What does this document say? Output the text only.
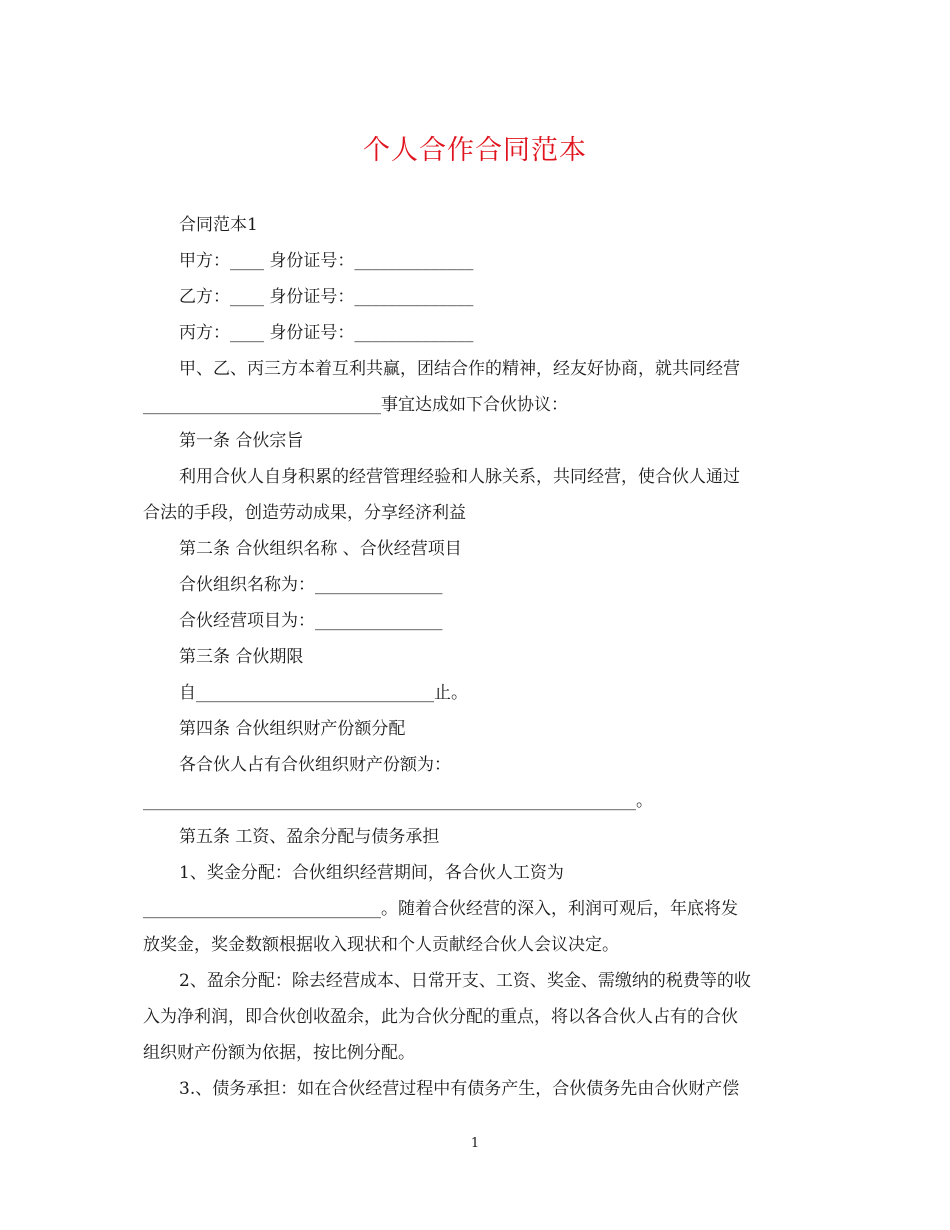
个人合作合同范本
合同范本1
甲方：____ 身份证号：______________
乙方：____ 身份证号：______________
丙方：____ 身份证号：______________
甲、乙、丙三方本着互利共赢，团结合作的精神，经友好协商，就共同经营
____________________________事宜达成如下合伙协议：
第一条 合伙宗旨
利用合伙人自身积累的经营管理经验和人脉关系，共同经营，使合伙人通过
合法的手段，创造劳动成果，分享经济利益
第二条 合伙组织名称 、合伙经营项目
合伙组织名称为：_______________
合伙经营项目为：_______________
第三条 合伙期限
自____________________________止。
第四条 合伙组织财产份额分配
各合伙人占有合伙组织财产份额为：
__________________________________________________________。
第五条 工资、盈余分配与债务承担
1、奖金分配：合伙组织经营期间，各合伙人工资为
____________________________。随着合伙经营的深入，利润可观后，年底将发
放奖金，奖金数额根据收入现状和个人贡献经合伙人会议决定。
2、盈余分配：除去经营成本、日常开支、工资、奖金、需缴纳的税费等的收
入为净利润，即合伙创收盈余，此为合伙分配的重点，将以各合伙人占有的合伙
组织财产份额为依据，按比例分配。
3.、债务承担：如在合伙经营过程中有债务产生，合伙债务先由合伙财产偿
1
